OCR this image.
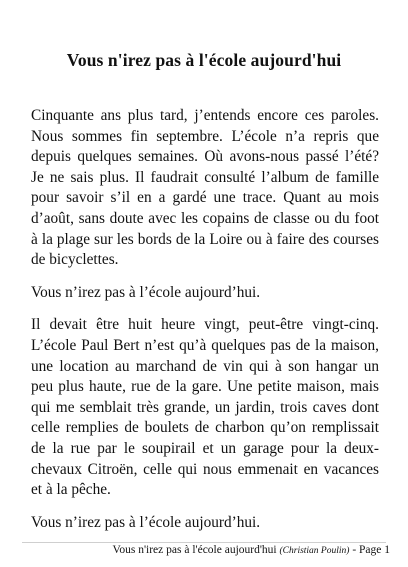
Vous n'irez pas à l'école aujourd'hui

Cinquante ans plus tard, j’entends encore ces paroles. Nous sommes fin septembre. L’école n’a repris que depuis quelques semaines. Où avons-nous passé l’été? Je ne sais plus. Il faudrait consulté l’album de famille pour savoir s’il en a gardé une trace. Quant au mois d’août, sans doute avec les copains de classe ou du foot à la plage sur les bords de la Loire ou à faire des courses de bicyclettes.

Vous n’irez pas à l’école aujourd’hui.

Il devait être huit heure vingt, peut-être vingt-cinq. L’école Paul Bert n’est qu’à quelques pas de la maison, une location au marchand de vin qui à son hangar un peu plus haute, rue de la gare. Une petite maison, mais qui me semblait très grande, un jardin, trois caves dont celle remplies de boulets de charbon qu’on remplissait de la rue par le soupirail et un garage pour la deux-chevaux Citroën, celle qui nous emmenait en vacances et à la pêche.

Vous n’irez pas à l’école aujourd’hui.

Vous n'irez pas à l'école aujourd'hui (Christian Poulin) - Page 1
